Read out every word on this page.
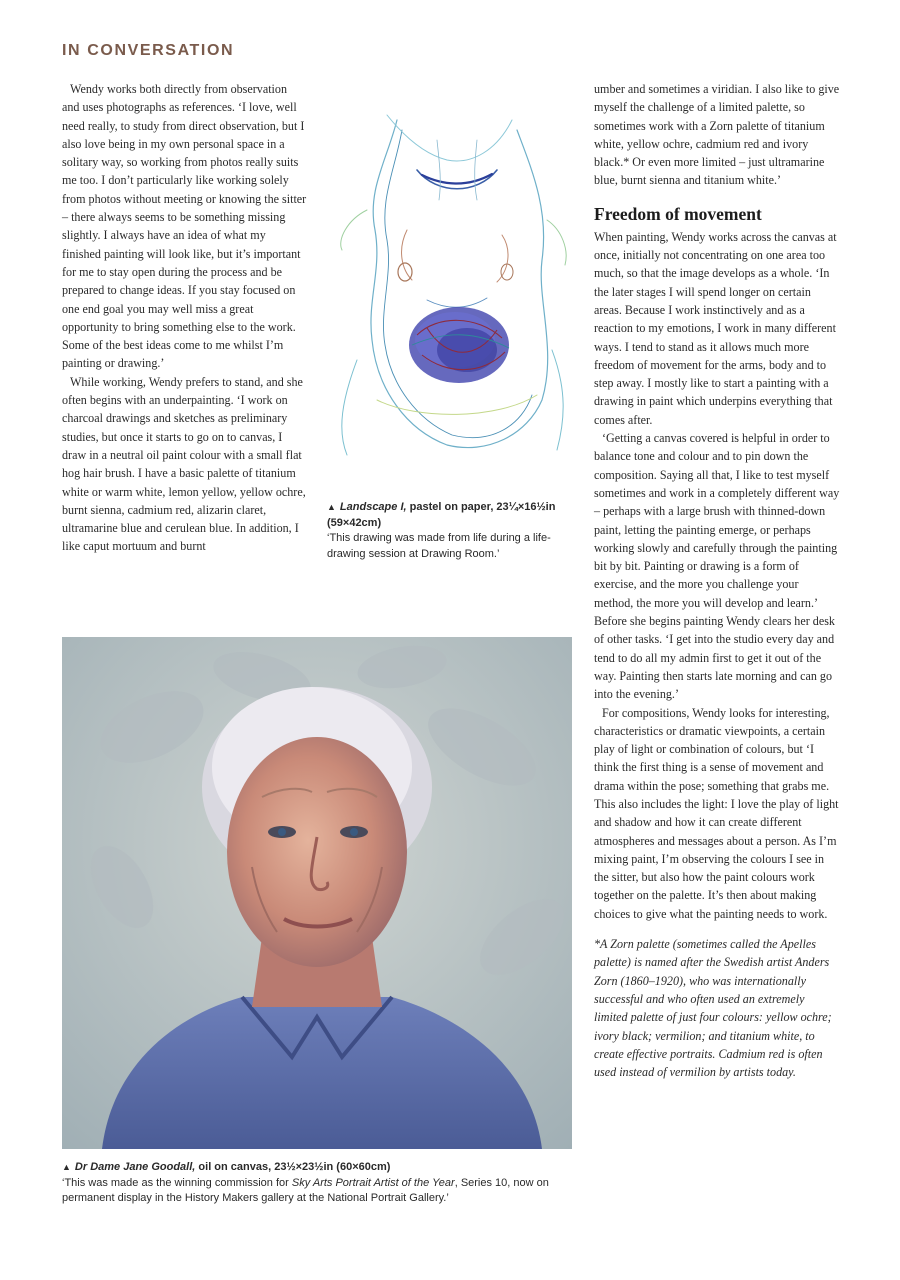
IN CONVERSATION

Wendy works both directly from observation and uses photographs as references. ‘I love, well need really, to study from direct observation, but I also love being in my own personal space in a solitary way, so working from photos really suits me too. I don’t particularly like working solely from photos without meeting or knowing the sitter – there always seems to be something missing slightly. I always have an idea of what my finished painting will look like, but it’s important for me to stay open during the process and be prepared to change ideas. If you stay focused on one end goal you may well miss a great opportunity to bring something else to the work. Some of the best ideas come to me whilst I’m painting or drawing.’

While working, Wendy prefers to stand, and she often begins with an underpainting. ‘I work on charcoal drawings and sketches as preliminary studies, but once it starts to go on to canvas, I draw in a neutral oil paint colour with a small flat hog hair brush. I have a basic palette of titanium white or warm white, lemon yellow, yellow ochre, burnt sienna, cadmium red, alizarin claret, ultramarine blue and cerulean blue. In addition, I like caput mortuum and burnt

▲ Landscape I, pastel on paper, 23¼×16½in (59×42cm)
‘This drawing was made from life during a life-drawing session at Drawing Room.’
▲ Dr Dame Jane Goodall, oil on canvas, 23½×23½in (60×60cm)
‘This was made as the winning commission for Sky Arts Portrait Artist of the Year, Series 10, now on permanent display in the History Makers gallery at the National Portrait Gallery.’

umber and sometimes a viridian. I also like to give myself the challenge of a limited palette, so sometimes work with a Zorn palette of titanium white, yellow ochre, cadmium red and ivory black.* Or even more limited – just ultramarine blue, burnt sienna and titanium white.’

Freedom of movement

When painting, Wendy works across the canvas at once, initially not concentrating on one area too much, so that the image develops as a whole. ‘In the later stages I will spend longer on certain areas. Because I work instinctively and as a reaction to my emotions, I work in many different ways. I tend to stand as it allows much more freedom of movement for the arms, body and to step away. I mostly like to start a painting with a drawing in paint which underpins everything that comes after.

‘Getting a canvas covered is helpful in order to balance tone and colour and to pin down the composition. Saying all that, I like to test myself sometimes and work in a completely different way – perhaps with a large brush with thinned-down paint, letting the painting emerge, or perhaps working slowly and carefully through the painting bit by bit. Painting or drawing is a form of exercise, and the more you challenge your method, the more you will develop and learn.’ Before she begins painting Wendy clears her desk of other tasks. ‘I get into the studio every day and tend to do all my admin first to get it out of the way. Painting then starts late morning and can go into the evening.’

For compositions, Wendy looks for interesting, characteristics or dramatic viewpoints, a certain play of light or combination of colours, but ‘I think the first thing is a sense of movement and drama within the pose; something that grabs me. This also includes the light: I love the play of light and shadow and how it can create different atmospheres and messages about a person. As I’m mixing paint, I’m observing the colours I see in the sitter, but also how the paint colours work together on the palette. It’s then about making choices to give what the painting needs to work.

*A Zorn palette (sometimes called the Apelles palette) is named after the Swedish artist Anders Zorn (1860–1920), who was internationally successful and who often used an extremely limited palette of just four colours: yellow ochre; ivory black; vermilion; and titanium white, to create effective portraits. Cadmium red is often used instead of vermilion by artists today.
